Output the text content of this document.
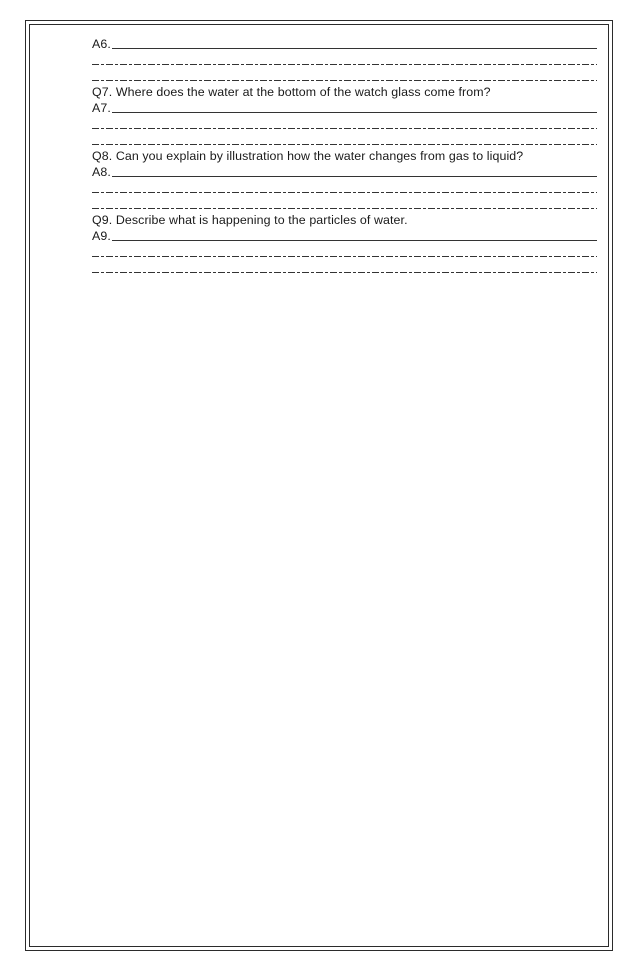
A6.
Q7. Where does the water at the bottom of the watch glass come from?
A7.
Q8. Can you explain by illustration how the water changes from gas to liquid?
A8.
Q9. Describe what is happening to the particles of water.
A9.
